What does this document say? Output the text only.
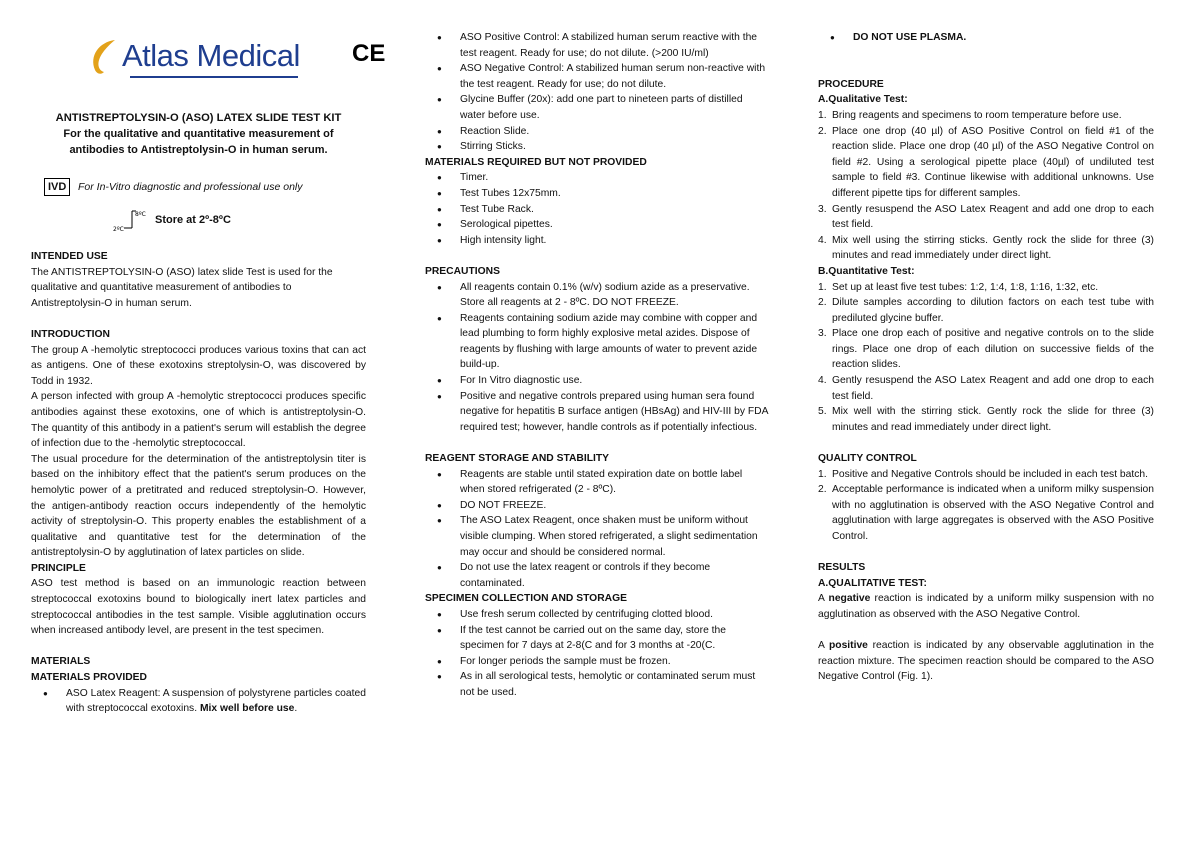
Atlas Medical CE
ANTISTREPTOLYSIN-O (ASO) LATEX SLIDE TEST KIT
For the qualitative and quantitative measurement of
antibodies to Antistreptolysin-O in human serum.
IVD	For In-Vitro diagnostic and professional use only
2ºC
8ºC Store at 2º-8ºC
INTENDED USE
The ANTISTREPTOLYSIN-O (ASO) latex slide Test is used for the qualitative and quantitative measurement of antibodies to Antistreptolysin-O in human serum.
INTRODUCTION
The group A -hemolytic streptococci produces various toxins that can act as antigens. One of these exotoxins streptolysin-O, was discovered by Todd in 1932.
A person infected with group A -hemolytic streptococci produces specific antibodies against these exotoxins, one of which is antistreptolysin-O. The quantity of this antibody in a patient's serum will establish the degree of infection due to the -hemolytic streptococcal.
The usual procedure for the determination of the antistreptolysin titer is based on the inhibitory effect that the patient's serum produces on the hemolytic power of a pretitrated and reduced streptolysin-O. However, the antigen-antibody reaction occurs independently of the hemolytic activity of streptolysin-O. This property enables the establishment of a qualitative and quantitative test for the determination of the antistreptolysin-O by agglutination of latex particles on slide.
PRINCIPLE
ASO test method is based on an immunologic reaction between streptococcal exotoxins bound to biologically inert latex particles and streptococcal antibodies in the test sample. Visible agglutination occurs when increased antibody level, are present in the test specimen.
MATERIALS
MATERIALS PROVIDED
● ASO Latex Reagent: A suspension of polystyrene particles coated with streptococcal exotoxins. Mix well before use.
● ASO Positive Control: A stabilized human serum reactive with the test reagent. Ready for use; do not dilute. (>200 IU/ml)
● ASO Negative Control: A stabilized human serum non-reactive with the test reagent. Ready for use; do not dilute.
● Glycine Buffer (20x): add one part to nineteen parts of distilled water before use.
● Reaction Slide.
● Stirring Sticks.
MATERIALS REQUIRED BUT NOT PROVIDED
● Timer.
● Test Tubes 12x75mm.
● Test Tube Rack.
● Serological pipettes.
● High intensity light.
PRECAUTIONS
● All reagents contain 0.1% (w/v) sodium azide as a preservative. Store all reagents at 2 - 8ºC. DO NOT FREEZE.
● Reagents containing sodium azide may combine with copper and lead plumbing to form highly explosive metal azides. Dispose of reagents by flushing with large amounts of water to prevent azide build-up.
● For In Vitro diagnostic use.
● Positive and negative controls prepared using human sera found negative for hepatitis B surface antigen (HBsAg) and HIV-III by FDA required test; however, handle controls as if potentially infectious.
REAGENT STORAGE AND STABILITY
● Reagents are stable until stated expiration date on bottle label when stored refrigerated (2 - 8ºC).
● DO NOT FREEZE.
● The ASO Latex Reagent, once shaken must be uniform without visible clumping. When stored refrigerated, a slight sedimentation may occur and should be considered normal.
● Do not use the latex reagent or controls if they become contaminated.
SPECIMEN COLLECTION AND STORAGE
● Use fresh serum collected by centrifuging clotted blood.
● If the test cannot be carried out on the same day, store the specimen for 7 days at 2-8(C and for 3 months at -20(C.
● For longer periods the sample must be frozen.
● As in all serological tests, hemolytic or contaminated serum must not be used.
● DO NOT USE PLASMA.
PROCEDURE
A.Qualitative Test:
1. Bring reagents and specimens to room temperature before use.
2. Place one drop (40 µl) of ASO Positive Control on field #1 of the reaction slide. Place one drop (40 µl) of the ASO Negative Control on field #2. Using a serological pipette place (40µl) of undiluted test sample to field #3. Continue likewise with additional unknowns. Use different pipette tips for different samples.
3. Gently resuspend the ASO Latex Reagent and add one drop to each test field.
4. Mix well using the stirring sticks. Gently rock the slide for three (3) minutes and read immediately under direct light.
B.Quantitative Test:
1. Set up at least five test tubes: 1:2, 1:4, 1:8, 1:16, 1:32, etc.
2. Dilute samples according to dilution factors on each test tube with prediluted glycine buffer.
3. Place one drop each of positive and negative controls on to the slide rings. Place one drop of each dilution on successive fields of the reaction slides.
4. Gently resuspend the ASO Latex Reagent and add one drop to each test field.
5. Mix well with the stirring stick. Gently rock the slide for three (3) minutes and read immediately under direct light.
QUALITY CONTROL
1. Positive and Negative Controls should be included in each test batch.
2. Acceptable performance is indicated when a uniform milky suspension with no agglutination is observed with the ASO Negative Control and agglutination with large aggregates is observed with the ASO Positive Control.
RESULTS
A.QUALITATIVE TEST:
A negative reaction is indicated by a uniform milky suspension with no agglutination as observed with the ASO Negative Control.
A positive reaction is indicated by any observable agglutination in the reaction mixture. The specimen reaction should be compared to the ASO Negative Control (Fig. 1).
